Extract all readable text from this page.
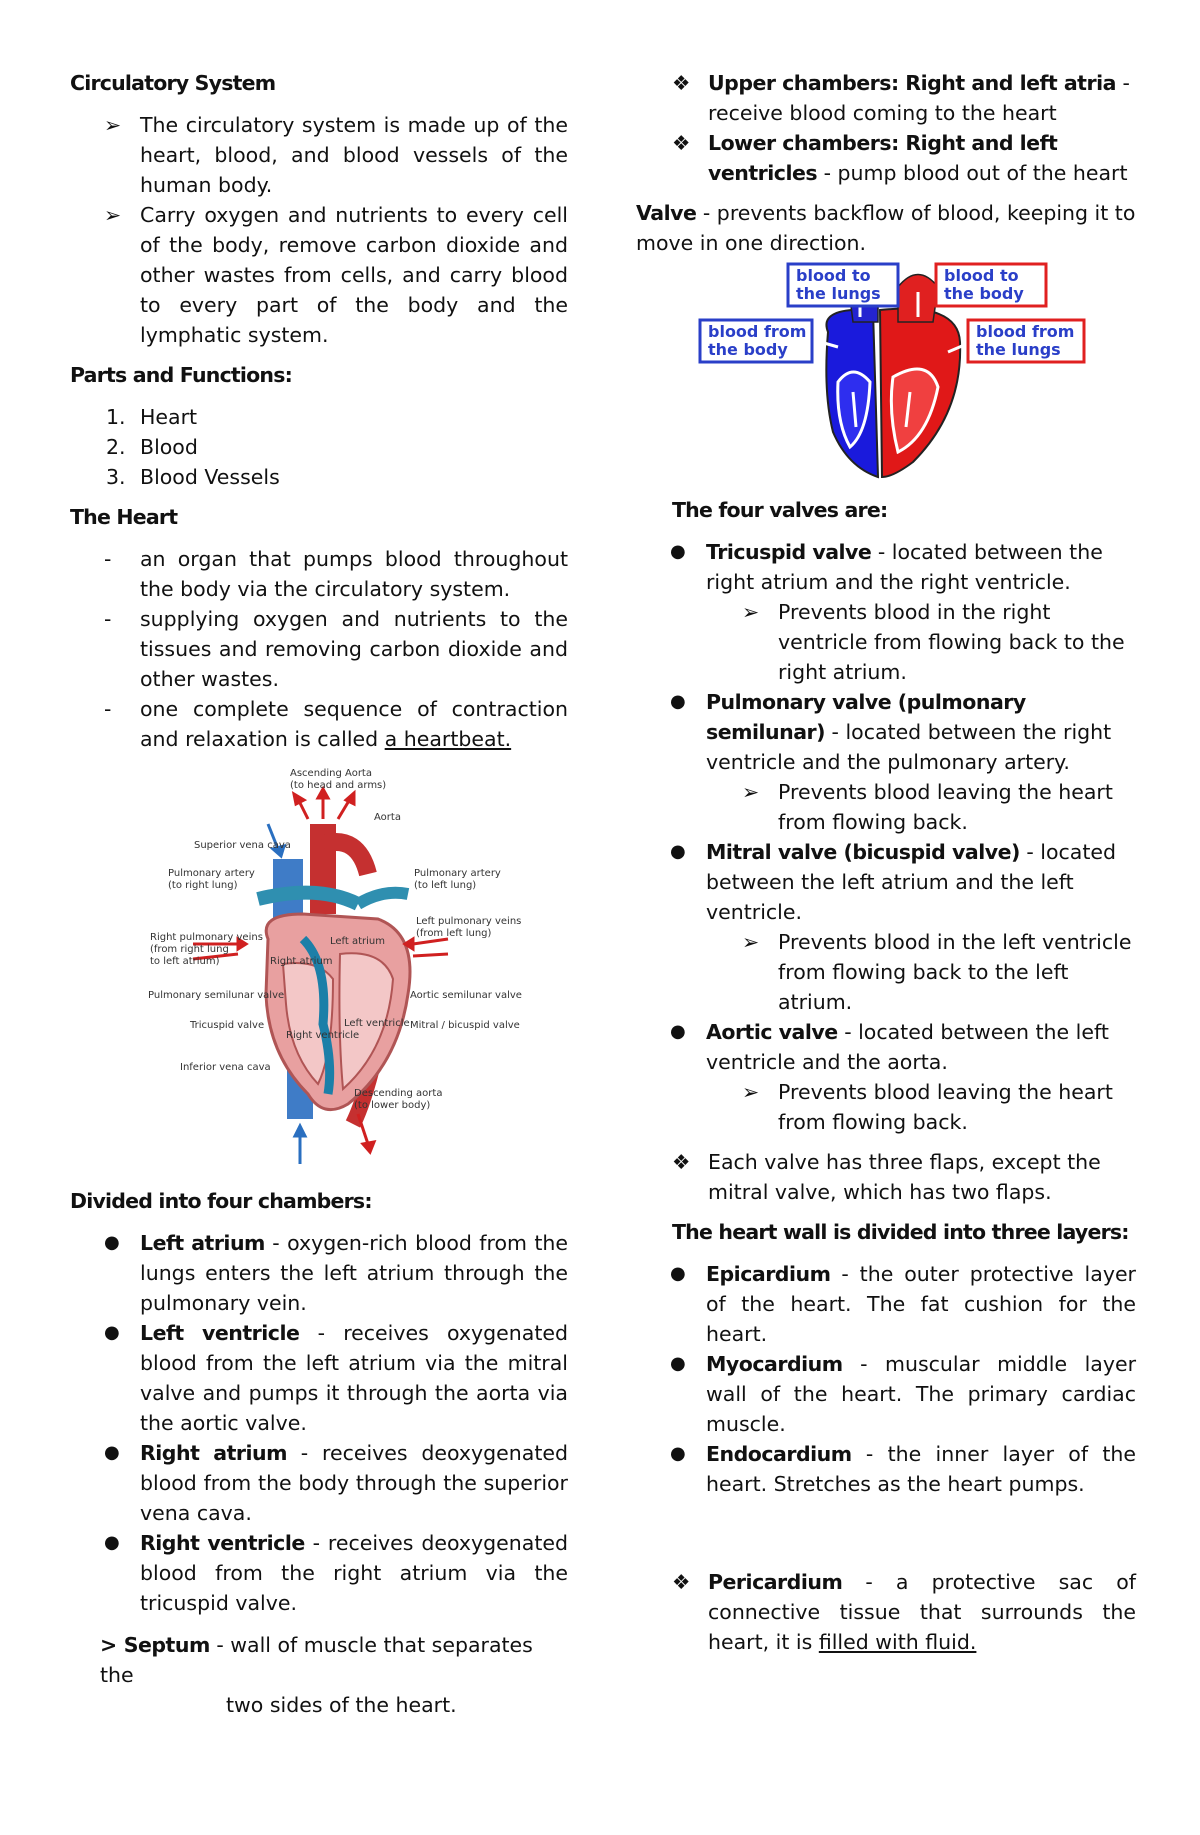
Circulatory System
➢ The circulatory system is made up of the heart, blood, and blood vessels of the human body.
➢ Carry oxygen and nutrients to every cell of the body, remove carbon dioxide and other wastes from cells, and carry blood to every part of the body and the lymphatic system.
Parts and Functions:
1. Heart
2. Blood
3. Blood Vessels
The Heart
- an organ that pumps blood throughout the body via the circulatory system.
- supplying oxygen and nutrients to the tissues and removing carbon dioxide and other wastes.
- one complete sequence of contraction and relaxation is called a heartbeat.
Ascending Aorta
(to head and arms)
Aorta
Superior vena cava
Pulmonary artery
(to right lung)
Pulmonary artery
(to left lung)
Right pulmonary veins
(from right lung
to left atrium)
Left pulmonary veins
(from left lung)
Left atrium
Right atrium
Pulmonary semilunar valve	Aortic semilunar valve
Tricuspid valve	Mitral / bicuspid valve
Right ventricle
Left ventricle
Inferior vena cava
Descending aorta
(to lower body)
Divided into four chambers:
● Left atrium - oxygen-rich blood from the lungs enters the left atrium through the pulmonary vein.
● Left ventricle - receives oxygenated blood from the left atrium via the mitral valve and pumps it through the aorta via the aortic valve.
● Right atrium - receives deoxygenated blood from the body through the superior vena cava.
● Right ventricle - receives deoxygenated blood from the right atrium via the tricuspid valve.
> Septum - wall of muscle that separates the
two sides of the heart.
❖ Upper chambers: Right and left atria - receive blood coming to the heart
❖ Lower chambers: Right and left ventricles - pump blood out of the heart
Valve - prevents backflow of blood, keeping it to move in one direction.
blood to
the lungs
blood to
the body
blood from
the body
blood from
the lungs
The four valves are:
● Tricuspid valve - located between the right atrium and the right ventricle.
➢ Prevents blood in the right ventricle from flowing back to the right atrium.
● Pulmonary valve (pulmonary semilunar) - located between the right ventricle and the pulmonary artery.
➢ Prevents blood leaving the heart from flowing back.
● Mitral valve (bicuspid valve) - located between the left atrium and the left ventricle.
➢ Prevents blood in the left ventricle from flowing back to the left atrium.
● Aortic valve - located between the left ventricle and the aorta.
➢ Prevents blood leaving the heart from flowing back.
❖ Each valve has three flaps, except the mitral valve, which has two flaps.
The heart wall is divided into three layers:
● Epicardium - the outer protective layer of the heart. The fat cushion for the heart.
● Myocardium - muscular middle layer wall of the heart. The primary cardiac muscle.
● Endocardium - the inner layer of the heart. Stretches as the heart pumps.
❖ Pericardium - a protective sac of connective tissue that surrounds the heart, it is filled with fluid.
